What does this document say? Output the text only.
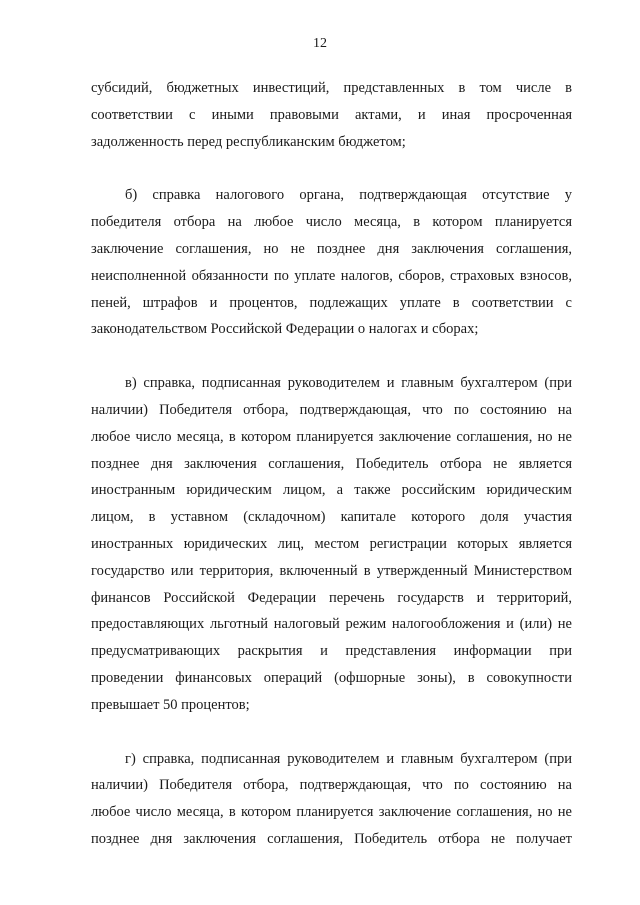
12

субсидий, бюджетных инвестиций, представленных в том числе в

соответствии с иными правовыми актами, и иная просроченная

задолженность перед республиканским бюджетом;

б) справка налогового органа, подтверждающая отсутствие у

победителя отбора на любое число месяца, в котором планируется

заключение соглашения, но не позднее дня заключения соглашения,

неисполненной обязанности по уплате налогов, сборов, страховых взносов,

пеней, штрафов и процентов, подлежащих уплате в соответствии с

законодательством Российской Федерации о налогах и сборах;

в) справка, подписанная руководителем и главным бухгалтером (при

наличии) Победителя отбора, подтверждающая, что по состоянию на

любое число месяца, в котором планируется заключение соглашения, но не

позднее дня заключения соглашения, Победитель отбора не является

иностранным юридическим лицом, а также российским юридическим

лицом, в уставном (складочном) капитале которого доля участия

иностранных юридических лиц, местом регистрации которых является

государство или территория, включенный в утвержденный Министерством

финансов Российской Федерации перечень государств и территорий,

предоставляющих льготный налоговый режим налогообложения и (или) не

предусматривающих раскрытия и представления информации при

проведении финансовых операций (офшорные зоны), в совокупности

превышает 50 процентов;

г) справка, подписанная руководителем и главным бухгалтером (при

наличии) Победителя отбора, подтверждающая, что по состоянию на

любое число месяца, в котором планируется заключение соглашения, но не

позднее дня заключения соглашения, Победитель отбора не получает
